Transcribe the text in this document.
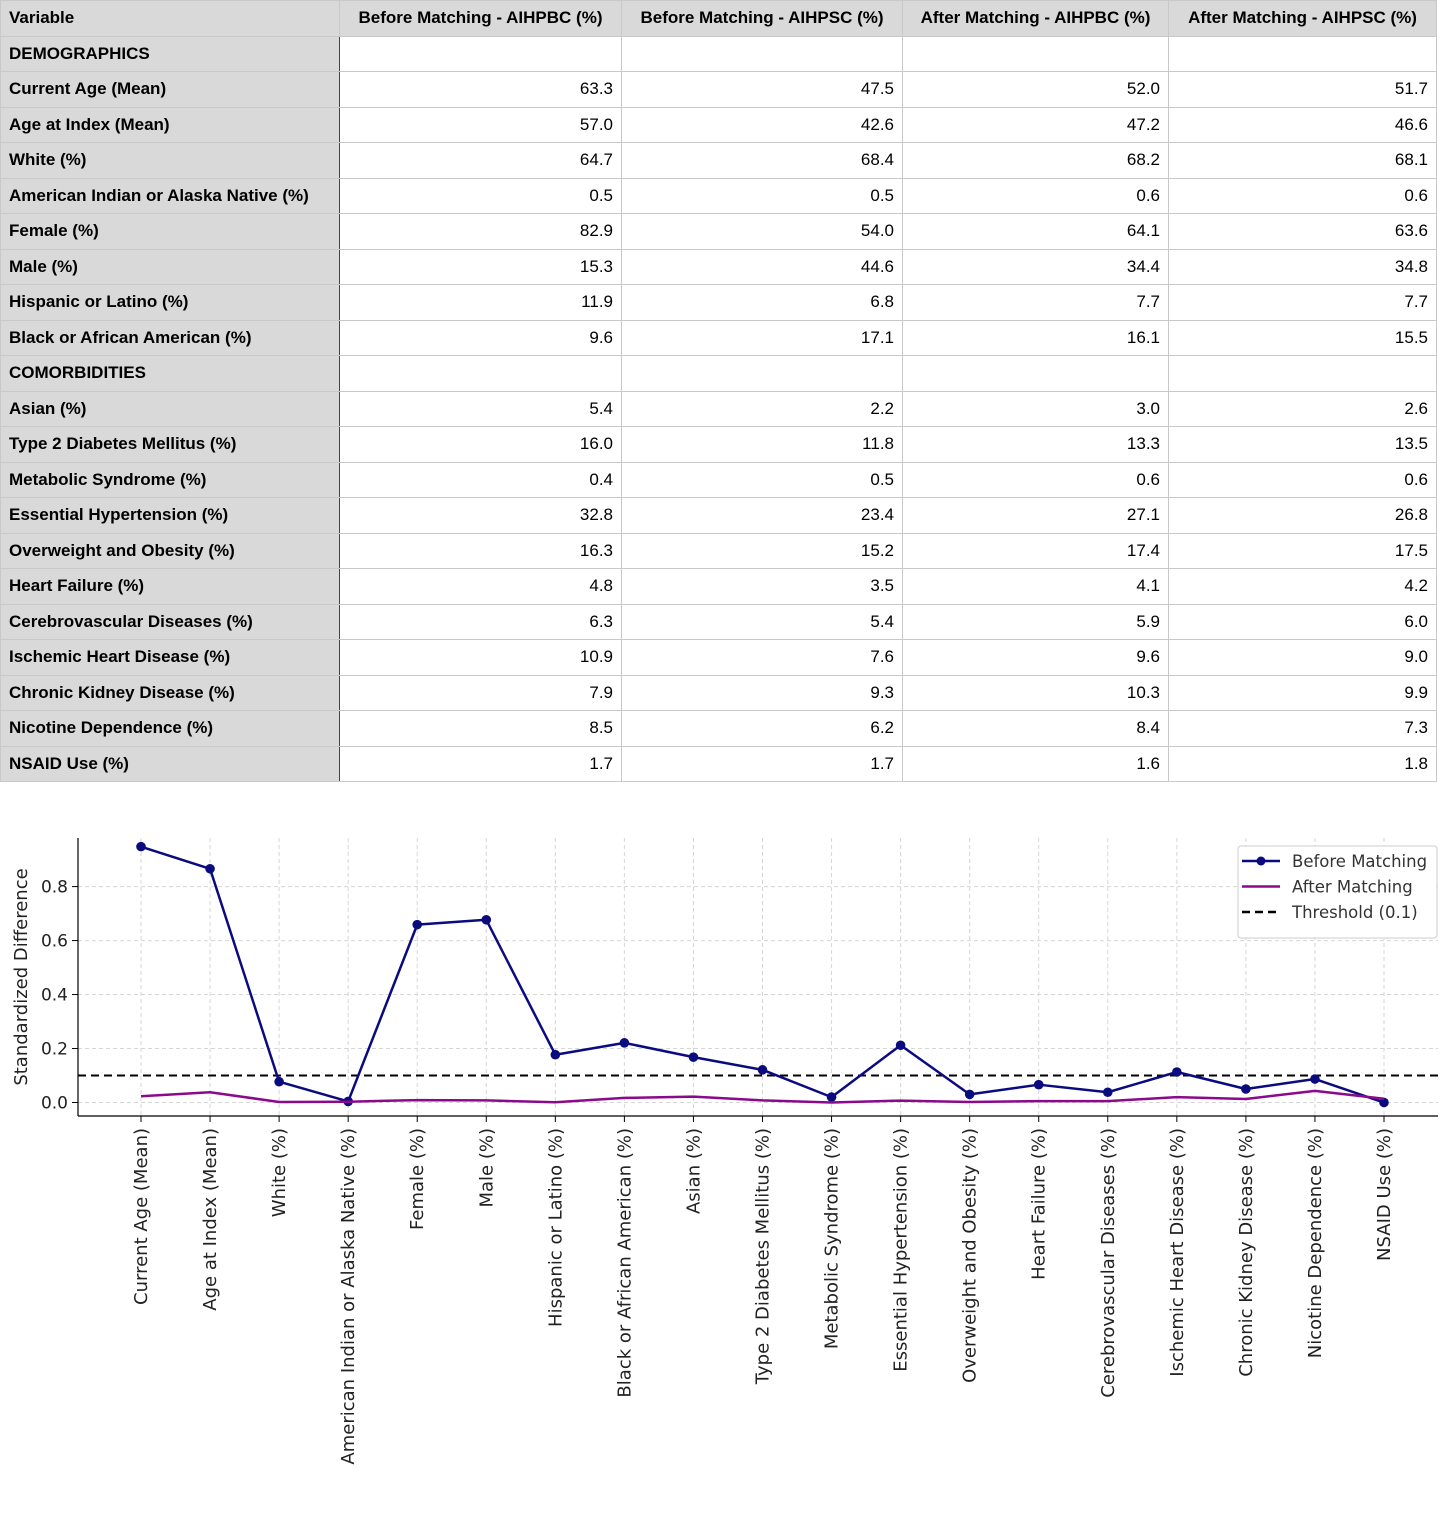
Variable	Before Matching - AIHPBC (%)	Before Matching - AIHPSC (%)	After Matching - AIHPBC (%)	After Matching - AIHPSC (%)
DEMOGRAPHICS				
Current Age (Mean)	63.3	47.5	52.0	51.7
Age at Index (Mean)	57.0	42.6	47.2	46.6
White (%)	64.7	68.4	68.2	68.1
American Indian or Alaska Native (%)	0.5	0.5	0.6	0.6
Female (%)	82.9	54.0	64.1	63.6
Male (%)	15.3	44.6	34.4	34.8
Hispanic or Latino (%)	11.9	6.8	7.7	7.7
Black or African American (%)	9.6	17.1	16.1	15.5
COMORBIDITIES				
Asian (%)	5.4	2.2	3.0	2.6
Type 2 Diabetes Mellitus (%)	16.0	11.8	13.3	13.5
Metabolic Syndrome (%)	0.4	0.5	0.6	0.6
Essential Hypertension (%)	32.8	23.4	27.1	26.8
Overweight and Obesity (%)	16.3	15.2	17.4	17.5
Heart Failure (%)	4.8	3.5	4.1	4.2
Cerebrovascular Diseases (%)	6.3	5.4	5.9	6.0
Ischemic Heart Disease (%)	10.9	7.6	9.6	9.0
Chronic Kidney Disease (%)	7.9	9.3	10.3	9.9
Nicotine Dependence (%)	8.5	6.2	8.4	7.3
NSAID Use (%)	1.7	1.7	1.6	1.8
0.0
0.2
0.4
0.6
0.8
Standardized Difference
Current Age (Mean)	Age at Index (Mean)	White (%)	American Indian or Alaska Native (%)	Female (%)	Male (%)	Hispanic or Latino (%)	Black or African American (%)	Asian (%)	Type 2 Diabetes Mellitus (%)	Metabolic Syndrome (%)	Essential Hypertension (%)	Overweight and Obesity (%)	Heart Failure (%)	Cerebrovascular Diseases (%)	Ischemic Heart Disease (%)	Chronic Kidney Disease (%)	Nicotine Dependence (%)	NSAID Use (%)
Before Matching
After Matching
Threshold (0.1)
